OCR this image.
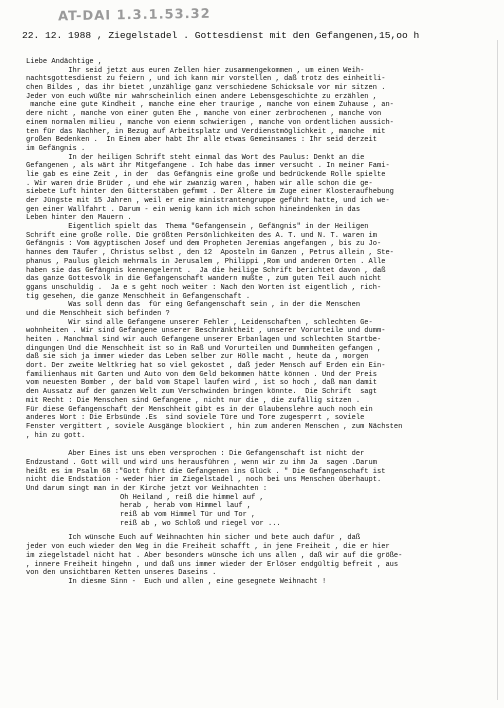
AT-DAI 1.3.1.53.32
22. 12. 1988 , Ziegelstadel . Gottesdienst mit den Gefangenen,15,oo h
Liebe Andächtige ,
Ihr seid jetzt aus euren Zellen hier zusammengekommen , um einen Weih-
nachtsgottesdienst zu feiern , und ich kann mir vorstellen , daß trotz des einheitli-
chen Bildes , das ihr bietet ,unzählige ganz verschiedene Schicksale vor mir sitzen .
Jeder von euch wüßte mir wahrscheinlich einen andere Lebensgeschichte zu erzählen ,
manche eine gute Kindheit , manche eine eher traurige , manche von einem Zuhause , an-
dere nicht , manche von einer guten Ehe , manche von einer zerbrochenen , manche von
einem normalen milieu , manche von eienm schwierigen , manche von ordentlichen aussich-
ten für das Nachher, in Bezug auf Arbeitsplatz und Verdienstmöglichkeit , manche  mit
großen Bedenken .  In Einem aber habt Ihr alle etwas Gemeinsames : Ihr seid derzeit
im Gefängnis .
In der heiligen Schrift steht einmal das Wort des Paulus: Denkt an die
Gefangenen , als wärt ihr Mitgefangene . Ich habe das immer versucht . In meiner Fami-
lie gab es eine Zeit , in der  das Gefängnis eine große und bedrückende Rolle spielte
. Wir waren drie Brüder , und ehe wir zwanzig waren , haben wir alle schon die ge-
siebete Luft hinter den Gitterstäben gefmmt . Der Älterе im Zuge einer Klosteraufhebung
der Jüngste mit 15 Jahren , weil er eine ministrantengruppe geführt hatte, und ich we-
gen einer Wallfahrt . Darum - ein wenig kann ich mich schon hineindenken in das
Leben hinter den Mauern .
Eigentlich spielt das  Thema "Gefangensein , Gefängnis" in der Heiligen
Schrift eine große rolle. Die größten Persönlichkeiten des A. T. und N. T. waren im
Gefängnis : Vom ägyptischen Josef und dem Propheten Jeremias angefangen , bis zu Jo-
hannes dem Täufer , Christus selbst , den 12  Aposteln im Ganzen , Petrus allein , Ste-
phanus , Paulus gleich mehrmals in Jerusalem , Philippi ,Rom und anderen Orten . Alle
haben sie das Gefängnis kennengelernt .  Ja die heilige Schrift berichtet davon , daß
das ganze Gottesvolk in die Gefangenschaft wandern mußte , zum guten Teil auch nicht
ggans unschuldig .  Ja e s geht noch weiter : Nach den Worten ist eigentlich , rich-
tig gesehen, die ganze Menschheit in Gefangenschaft .
Was soll denn das  für eing Gefangenschaft sein , in der die Menschen
und die Menschheit sich befinden ?
Wir sind alle Gefangene unserer Fehler , Leidenschaften , schlechten Ge-
wohnheiten . Wir sind Gefangene unserer Beschränktheit , unserer Vorurteile und dumm-
heiten . Manchmal sind wir auch Gefangene unserer Erbanlagen und schlechten Startbe-
dingungen Und die Menschheit ist so in Raß und Vorurteilen und Dummheiten gefangen ,
daß sie sich ja immer wieder das Leben selber zur Hölle macht , heute da , morgen
dort. Der zweite Weltkrieg hat so viel gekostet , daß jeder Mensch auf Erden ein Ein-
familienhaus mit Garten und Auto von dem Geld bekommen hätte können . Und der Preis
vom neuesten Bomber , der bald vom Stapel laufen wird , ist so hoch , daß man damit
den Aussatz auf der ganzen Welt zum Verschwinden bringen könnte.  Die Schrift  sagt
mit Recht : Die Menschen sind Gefangene , nicht nur die , die zufällig sitzen .
Für diese Gefangenschaft der Menschheit gibt es in der Glaubenslehre auch noch ein
anderes Wort : Die Erbsünde .Es  sind soviele Türe und Tore zugesperrt , soviele
Fenster vergittert , soviele Ausgänge blockiert , hin zum anderen Menschen , zum Nächsten
, hin zu gott.
Aber Eines ist uns eben versprochen : Die Gefangenschaft ist nicht der
Endzustand . Gott will und wird uns herausführen , wenn wir zu ihm Ja  sagen .Darum
heißt es im Psalm 68 :"Gott führt die Gefangenen ins Glück . " Die Gefangenschaft ist
nicht die Endstation - weder hier im Ziegelstadel , noch bei uns Menschen überhaupt.
Und darum singt man in der Kirche jetzt vor Weihnachten :
Oh Heiland , reiß die himmel auf ,
herab , herab vom Himmel lauf ,
reiß ab vom Himmel Tür und Tor ,
reiß ab , wo Schloß und riegel vor ...
Ich wünsche Euch auf Weihnachten hin sicher und bete auch dafür , daß
jeder von euch wieder den Weg in die Freiheit schafft , in jene Freiheit , die er hier
im ziegelstadel nicht hat . Aber besonders wünsche ich uns allen , daß wir auf die größe-
, innere Freiheit hingehn , und daß uns immer wieder der Erlöser endgültig befreit , aus
von den unsichtbaren Ketten unseres Daseins .
In diesme Sinn -  Euch und allen , eine gesegnete Weihnacht !
